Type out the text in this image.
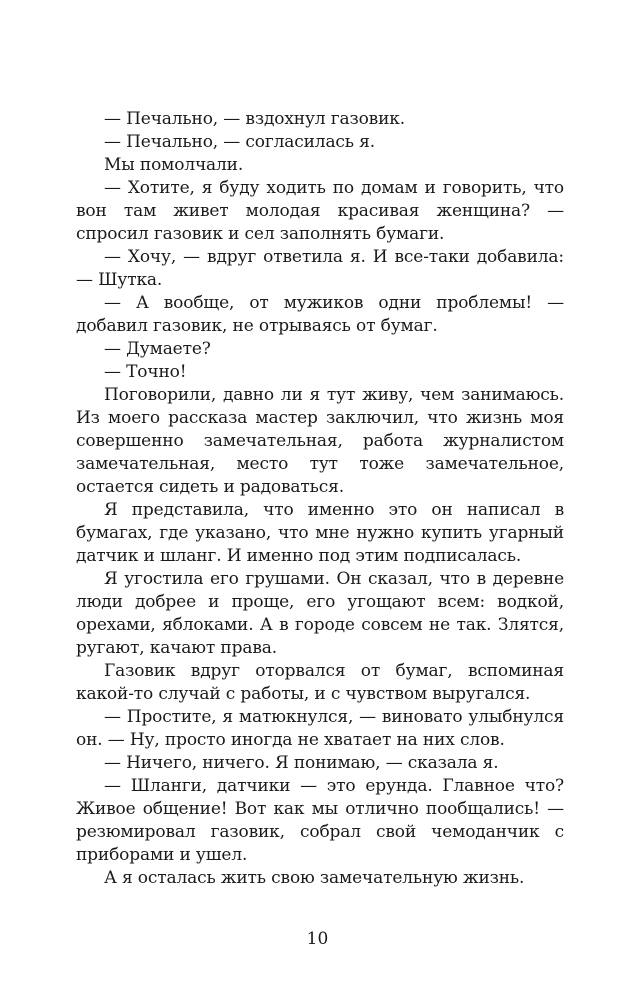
— Печально, — вздохнул газовик.

— Печально, — согласилась я.

Мы помолчали.

— Хотите, я буду ходить по домам и говорить, что вон там живет молодая красивая женщина? — спросил газовик и сел заполнять бумаги.

— Хочу, — вдруг ответила я. И все-таки добавила: — Шутка.

— А вообще, от мужиков одни проблемы! — добавил газовик, не отрываясь от бумаг.

— Думаете?

— Точно!

Поговорили, давно ли я тут живу, чем занимаюсь. Из моего рассказа мастер заключил, что жизнь моя совершенно замечательная, работа журналистом замечательная, место тут тоже замечательное, остается сидеть и радоваться.

Я представила, что именно это он написал в бумагах, где указано, что мне нужно купить угарный датчик и шланг. И именно под этим подписалась.

Я угостила его грушами. Он сказал, что в деревне люди добрее и проще, его угощают всем: водкой, орехами, яблоками. А в городе совсем не так. Злятся, ругают, качают права.

Газовик вдруг оторвался от бумаг, вспоминая какой-то случай с работы, и с чувством выругался.

— Простите, я матюкнулся, — виновато улыбнулся он. — Ну, просто иногда не хватает на них слов.

— Ничего, ничего. Я понимаю, — сказала я.

— Шланги, датчики — это ерунда. Главное что? Живое общение! Вот как мы отлично пообщались! — резюмировал газовик, собрал свой чемоданчик с приборами и ушел.

А я осталась жить свою замечательную жизнь.

10
